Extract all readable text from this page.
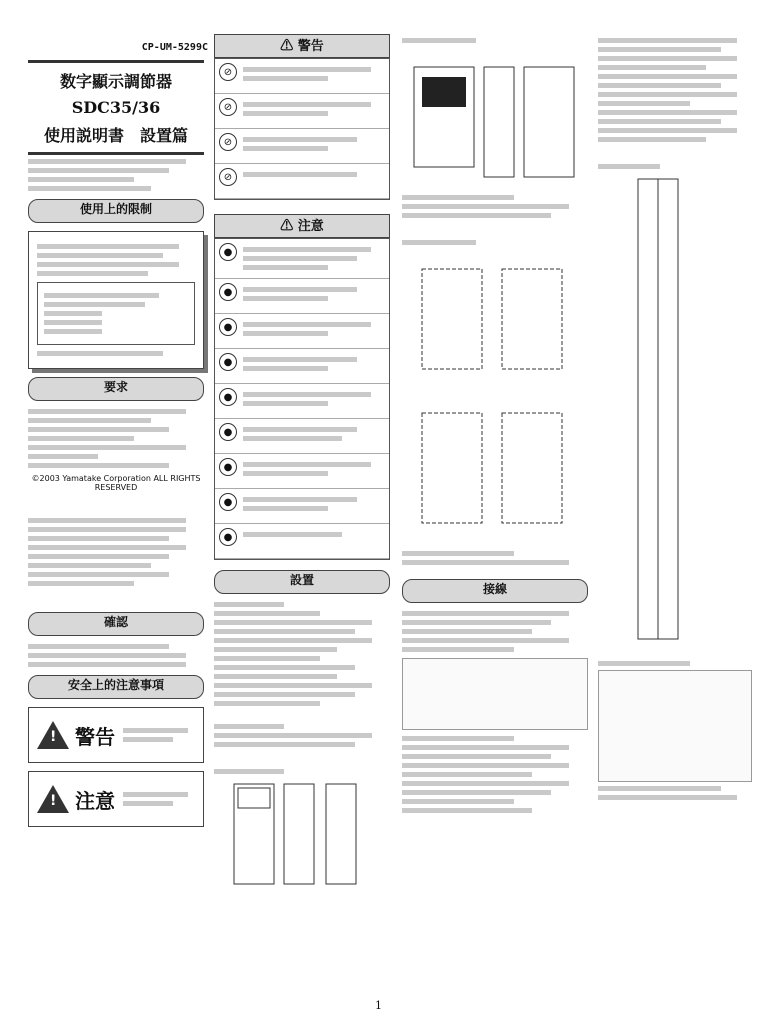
CP-UM-5299C
数字顯示調節器
SDC35/36
使用説明書　設置篇
使用上的限制
要求
©2003 Yamatake Corporation ALL RIGHTS RESERVED
確認
安全上的注意事項
! 警告
! 注意
⚠ 警告
⊘
⊘
⊘
⊘
⚠ 注意
●
●
●
●
●
●
●
●
●
設置

接線
1
